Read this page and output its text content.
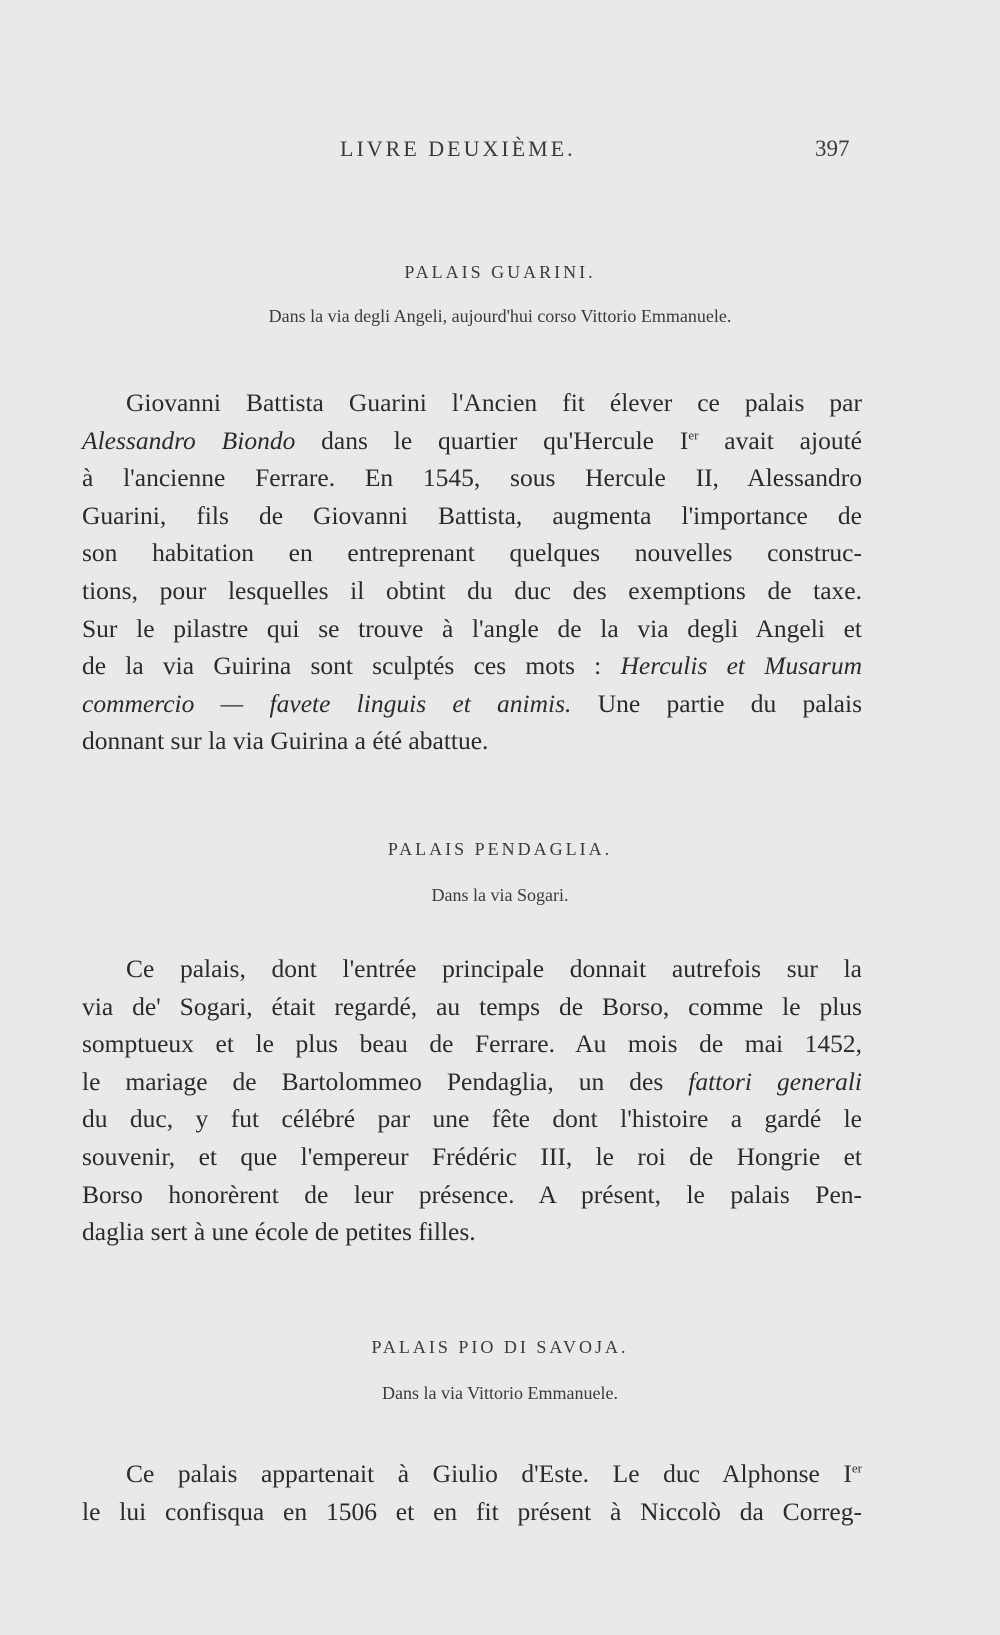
LIVRE DEUXIÈME.	397
PALAIS GUARINI.
Dans la via degli Angeli, aujourd'hui corso Vittorio Emmanuele.
Giovanni Battista Guarini l'Ancien fit élever ce palais par
Alessandro Biondo dans le quartier qu'Hercule Ier avait ajouté
à l'ancienne Ferrare. En 1545, sous Hercule II, Alessandro
Guarini, fils de Giovanni Battista, augmenta l'importance de
son habitation en entreprenant quelques nouvelles construc-
tions, pour lesquelles il obtint du duc des exemptions de taxe.
Sur le pilastre qui se trouve à l'angle de la via degli Angeli et
de la via Guirina sont sculptés ces mots : Herculis et Musarum
commercio — favete linguis et animis. Une partie du palais
donnant sur la via Guirina a été abattue.
PALAIS PENDAGLIA.
Dans la via Sogari.
Ce palais, dont l'entrée principale donnait autrefois sur la
via de' Sogari, était regardé, au temps de Borso, comme le plus
somptueux et le plus beau de Ferrare. Au mois de mai 1452,
le mariage de Bartolommeo Pendaglia, un des fattori generali
du duc, y fut célébré par une fête dont l'histoire a gardé le
souvenir, et que l'empereur Frédéric III, le roi de Hongrie et
Borso honorèrent de leur présence. A présent, le palais Pen-
daglia sert à une école de petites filles.
PALAIS PIO DI SAVOJA.
Dans la via Vittorio Emmanuele.
Ce palais appartenait à Giulio d'Este. Le duc Alphonse Ier
le lui confisqua en 1506 et en fit présent à Niccolò da Correg-
